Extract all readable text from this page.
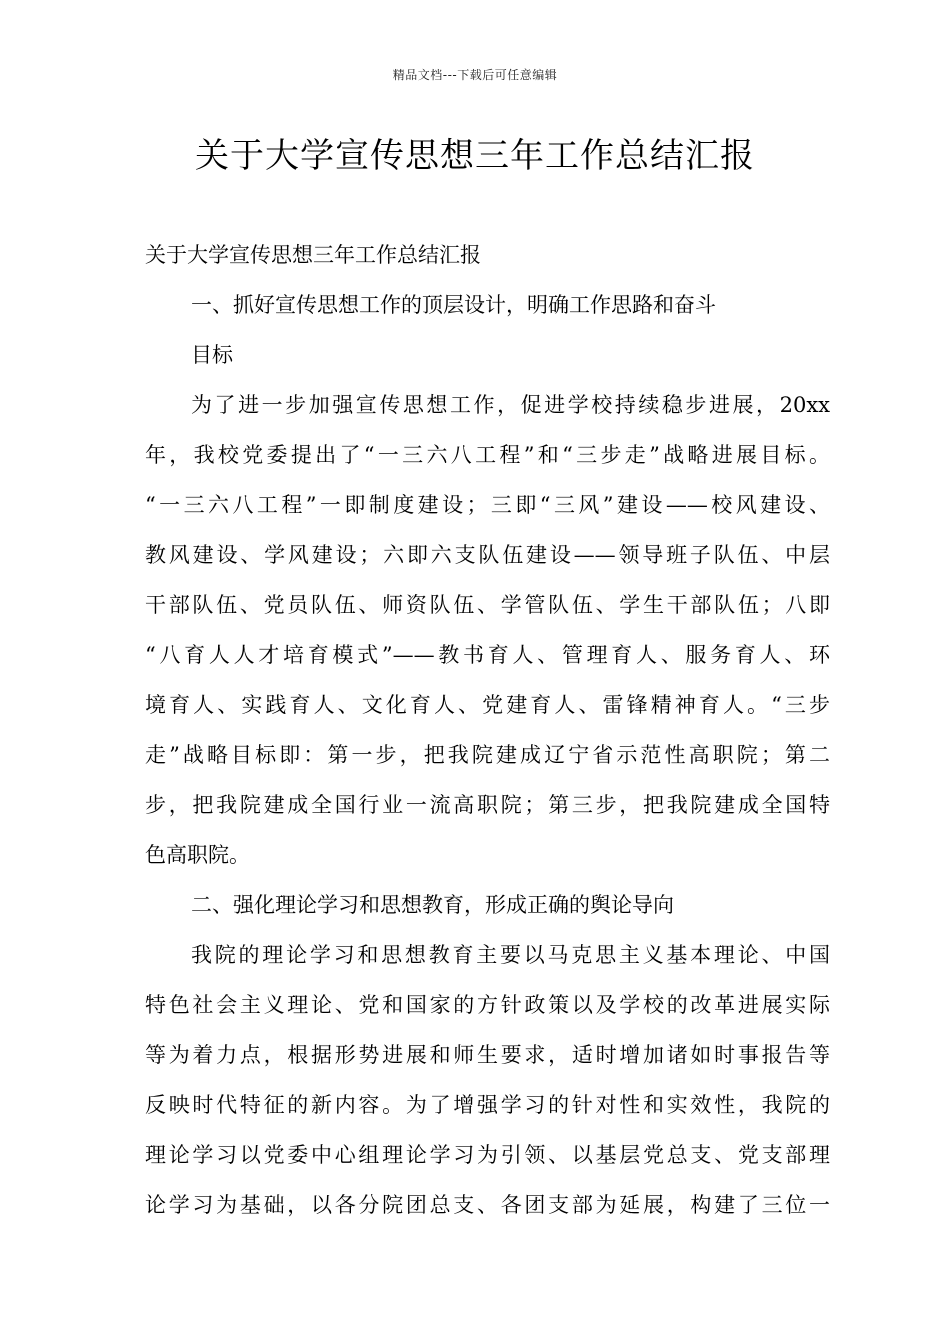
精品文档---下载后可任意编辑
关于大学宣传思想三年工作总结汇报
关于大学宣传思想三年工作总结汇报
一、抓好宣传思想工作的顶层设计，明确工作思路和奋斗
目标
为了进一步加强宣传思想工作，促进学校持续稳步进展，20xx
年，我校党委提出了“一三六八工程”和“三步走”战略进展目标。
“一三六八工程”一即制度建设；三即“三风”建设——校风建设、
教风建设、学风建设；六即六支队伍建设——领导班子队伍、中层
干部队伍、党员队伍、师资队伍、学管队伍、学生干部队伍；八即
“八育人人才培育模式”——教书育人、管理育人、服务育人、环
境育人、实践育人、文化育人、党建育人、雷锋精神育人。“三步
走”战略目标即：第一步，把我院建成辽宁省示范性高职院；第二
步，把我院建成全国行业一流高职院；第三步，把我院建成全国特
色高职院。
二、强化理论学习和思想教育，形成正确的舆论导向
我院的理论学习和思想教育主要以马克思主义基本理论、中国
特色社会主义理论、党和国家的方针政策以及学校的改革进展实际
等为着力点，根据形势进展和师生要求，适时增加诸如时事报告等
反映时代特征的新内容。为了增强学习的针对性和实效性，我院的
理论学习以党委中心组理论学习为引领、以基层党总支、党支部理
论学习为基础，以各分院团总支、各团支部为延展，构建了三位一
